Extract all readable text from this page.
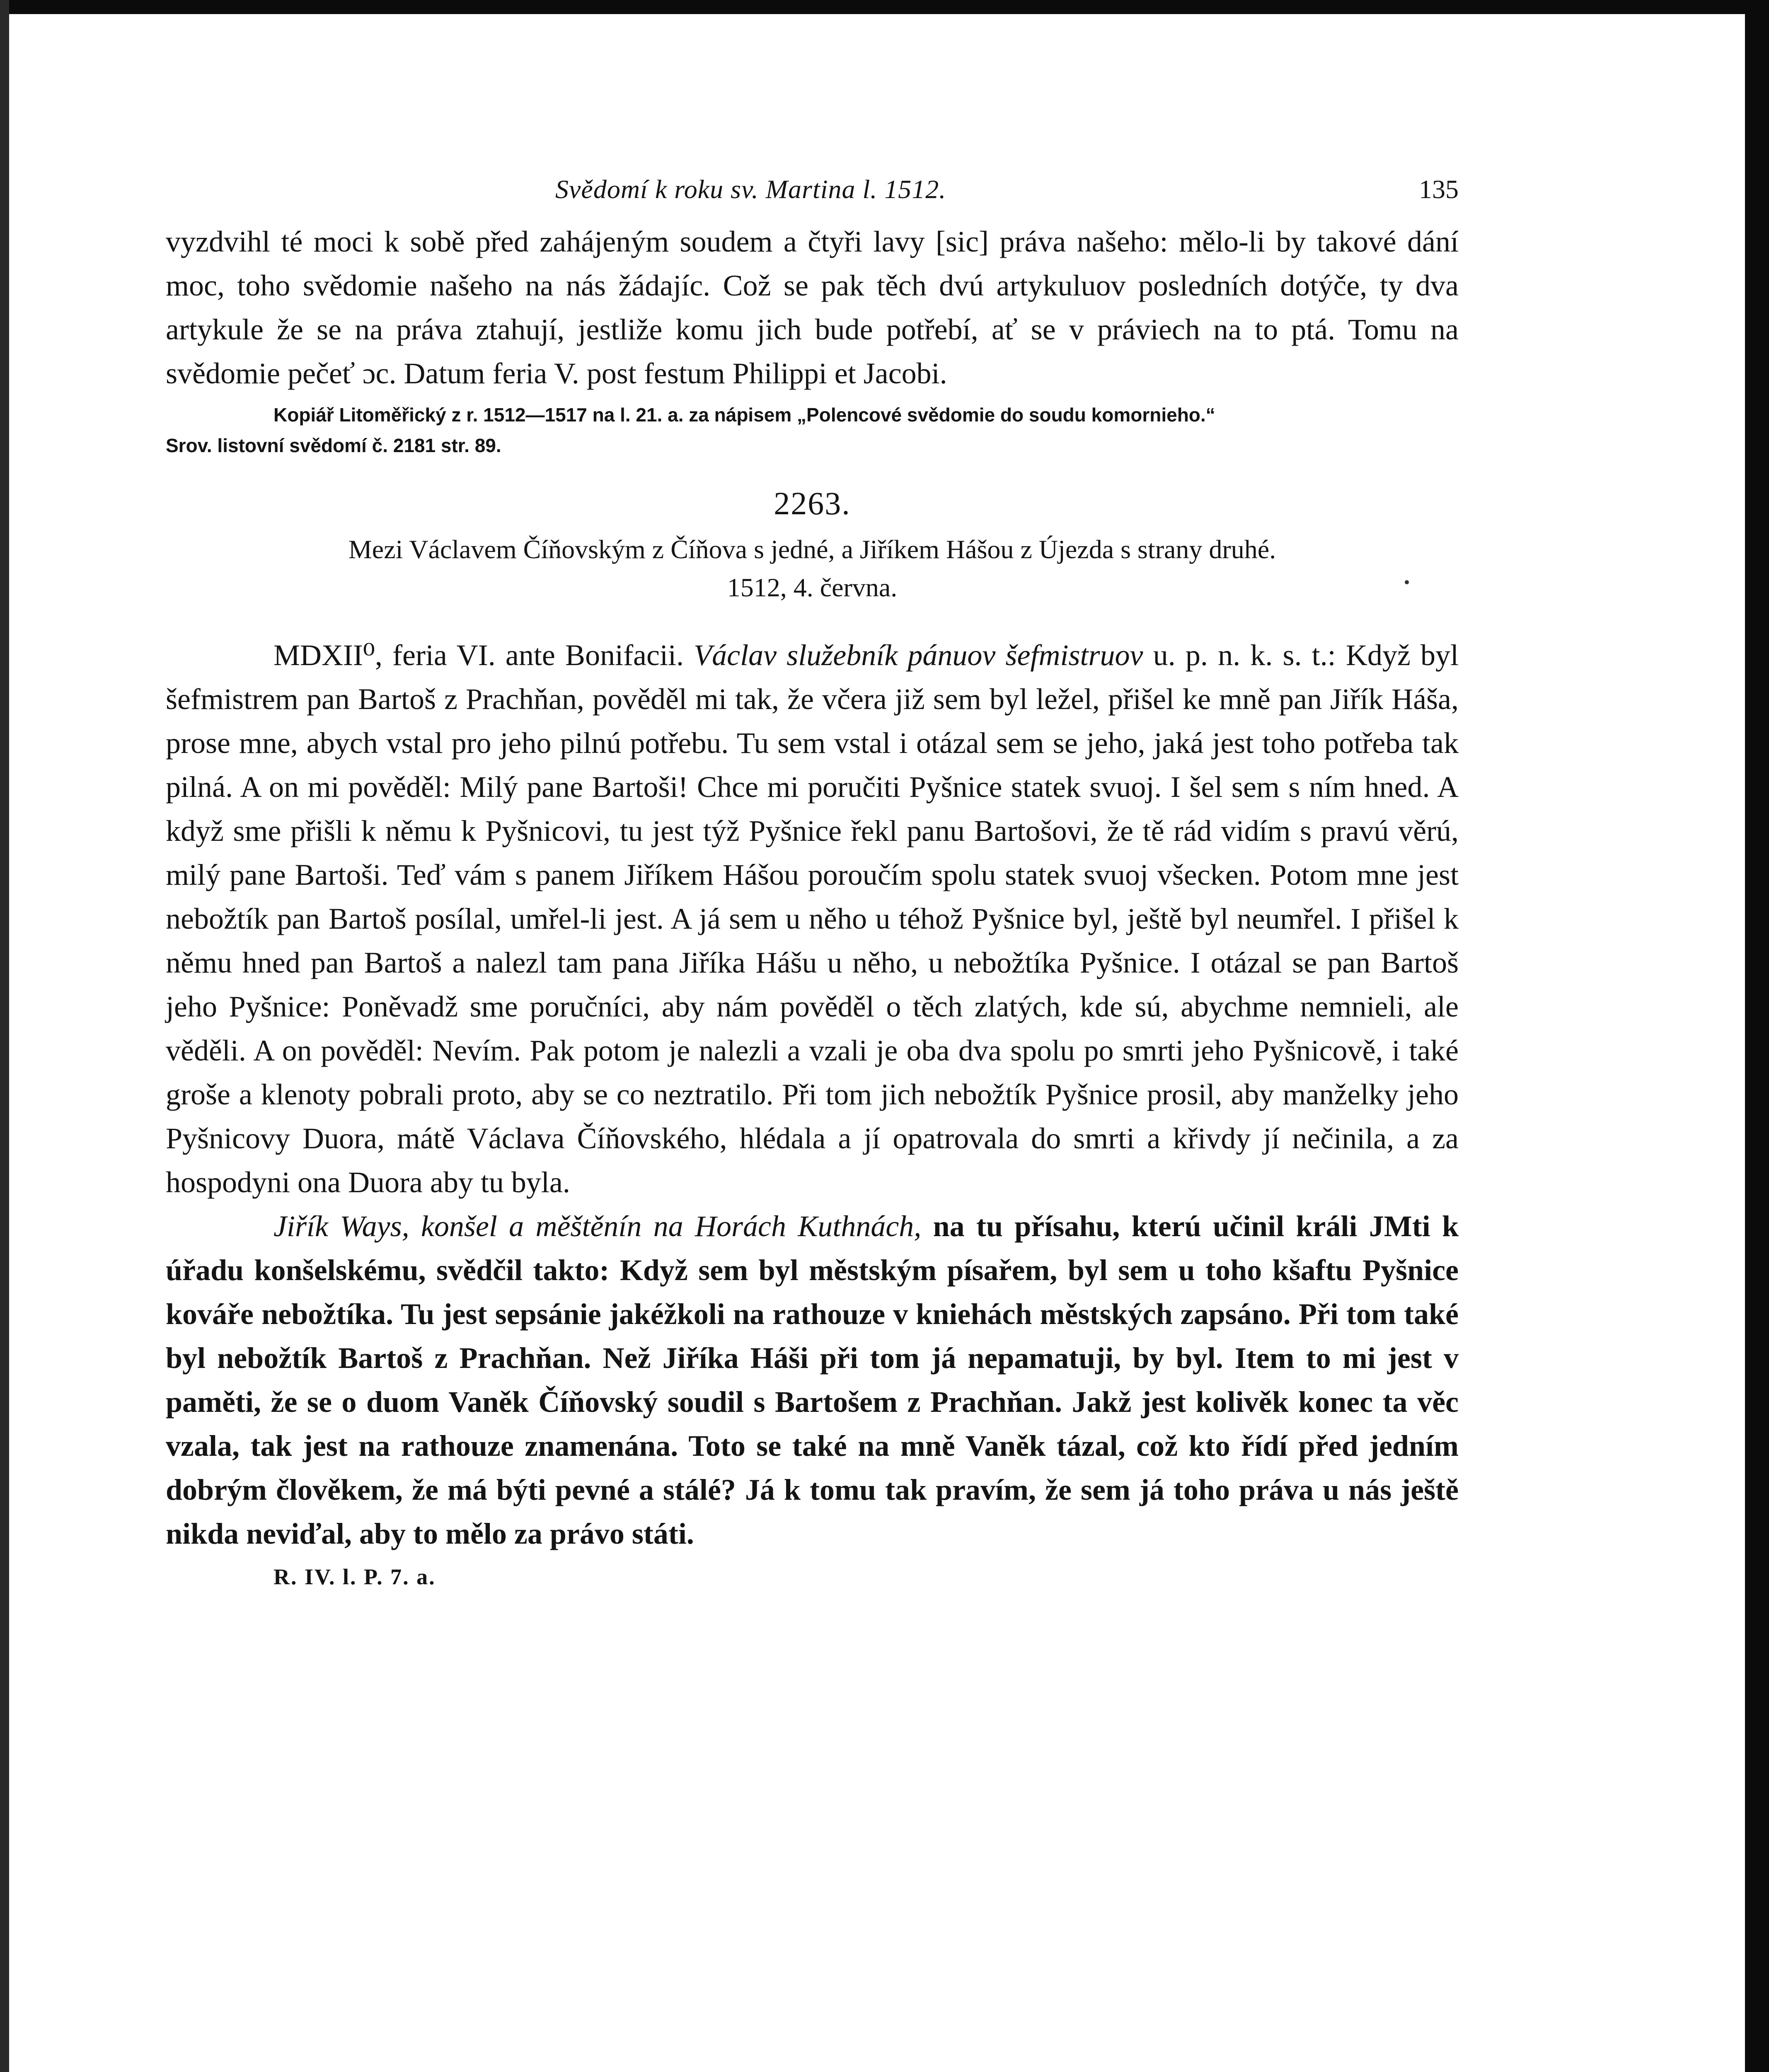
Svědomí k roku sv. Martina l. 1512.	135

vyzdvihl té moci k sobě před zahájeným soudem a čtyři lavy [sic] práva našeho: mělo-li by takové dání moc, toho svědomie našeho na nás žádajíc. Což se pak těch dvú artykuluov posledních dotýče, ty dva artykule že se na práva ztahují, jestliže komu jich bude potřebí, ať se v práviech na to ptá. Tomu na svědomie pečeť ɔc. Datum feria V. post festum Philippi et Jacobi.

Kopiář Litoměřický z r. 1512—1517 na l. 21. a. za nápisem „Polencové svědomie do soudu komornieho.“
Srov. listovní svědomí č. 2181 str. 89.
2263.
Mezi Václavem Číňovským z Číňova s jedné, a Jiříkem Hášou z Újezda s strany druhé.
1512, 4. června.

MDXII⁰, feria VI. ante Bonifacii. Václav služebník pánuov šefmistruov u. p. n. k. s. t.: Když byl šefmistrem pan Bartoš z Prachňan, pověděl mi tak, že včera již sem byl ležel, přišel ke mně pan Jiřík Háša, prose mne, abych vstal pro jeho pilnú potřebu. Tu sem vstal i otázal sem se jeho, jaká jest toho potřeba tak pilná. A on mi pověděl: Milý pane Bartoši! Chce mi poručiti Pyšnice statek svuoj. I šel sem s ním hned. A když sme přišli k němu k Pyšnicovi, tu jest týž Pyšnice řekl panu Bartošovi, že tě rád vidím s pravú věrú, milý pane Bartoši. Teď vám s panem Jiříkem Hášou poroučím spolu statek svuoj všecken. Potom mne jest nebožtík pan Bartoš posílal, umřel-li jest. A já sem u něho u téhož Pyšnice byl, ještě byl neumřel. I přišel k němu hned pan Bartoš a nalezl tam pana Jiříka Hášu u něho, u nebožtíka Pyšnice. I otázal se pan Bartoš jeho Pyšnice: Poněvadž sme poručníci, aby nám pověděl o těch zlatých, kde sú, abychme nemnieli, ale věděli. A on pověděl: Nevím. Pak potom je nalezli a vzali je oba dva spolu po smrti jeho Pyšnicově, i také groše a klenoty pobrali proto, aby se co neztratilo. Při tom jich nebožtík Pyšnice prosil, aby manželky jeho Pyšnicovy Duora, mátě Václava Číňovského, hlédala a jí opatrovala do smrti a křivdy jí nečinila, a za hospodyni ona Duora aby tu byla.

Jiřík Ways, konšel a měštěnín na Horách Kuthnách, na tu přísahu, kterú učinil králi JMti k úřadu konšelskému, svědčil takto: Když sem byl městským písařem, byl sem u toho kšaftu Pyšnice kováře nebožtíka. Tu jest sepsánie jakéžkoli na rathouze v kniehách městských zapsáno. Při tom také byl nebožtík Bartoš z Prachňan. Než Jiříka Háši při tom já nepamatuji, by byl. Item to mi jest v paměti, že se o duom Vaněk Číňovský soudil s Bartošem z Prachňan. Jakž jest kolivěk konec ta věc vzala, tak jest na rathouze znamenána. Toto se také na mně Vaněk tázal, což kto řídí před jedním dobrým člověkem, že má býti pevné a stálé? Já k tomu tak pravím, že sem já toho práva u nás ještě nikda neviďal, aby to mělo za právo státi.

R. IV. l. P. 7. a.
